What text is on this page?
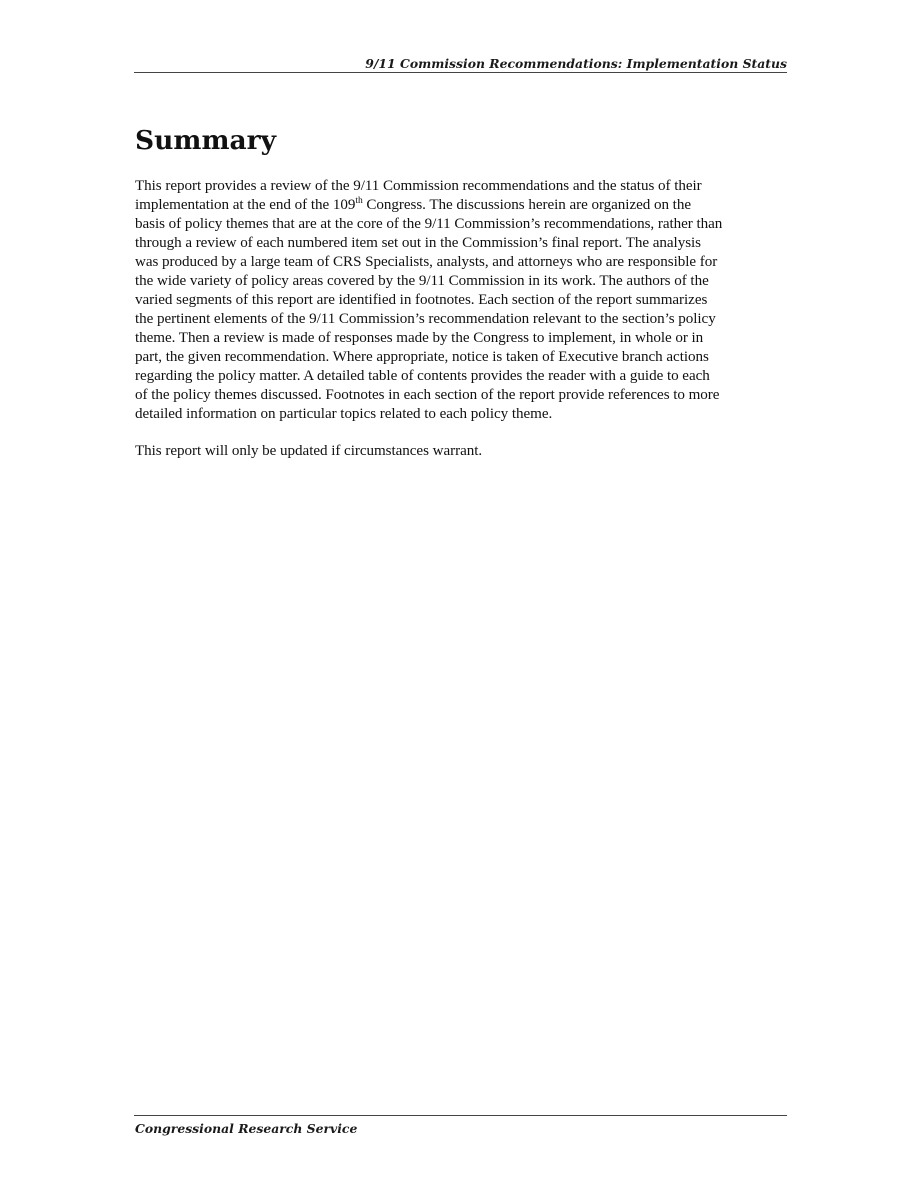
9/11 Commission Recommendations: Implementation Status
Summary
This report provides a review of the 9/11 Commission recommendations and the status of their
implementation at the end of the 109th Congress. The discussions herein are organized on the
basis of policy themes that are at the core of the 9/11 Commission’s recommendations, rather than
through a review of each numbered item set out in the Commission’s final report. The analysis
was produced by a large team of CRS Specialists, analysts, and attorneys who are responsible for
the wide variety of policy areas covered by the 9/11 Commission in its work. The authors of the
varied segments of this report are identified in footnotes. Each section of the report summarizes
the pertinent elements of the 9/11 Commission’s recommendation relevant to the section’s policy
theme. Then a review is made of responses made by the Congress to implement, in whole or in
part, the given recommendation. Where appropriate, notice is taken of Executive branch actions
regarding the policy matter. A detailed table of contents provides the reader with a guide to each
of the policy themes discussed. Footnotes in each section of the report provide references to more
detailed information on particular topics related to each policy theme.
This report will only be updated if circumstances warrant.
Congressional Research Service
